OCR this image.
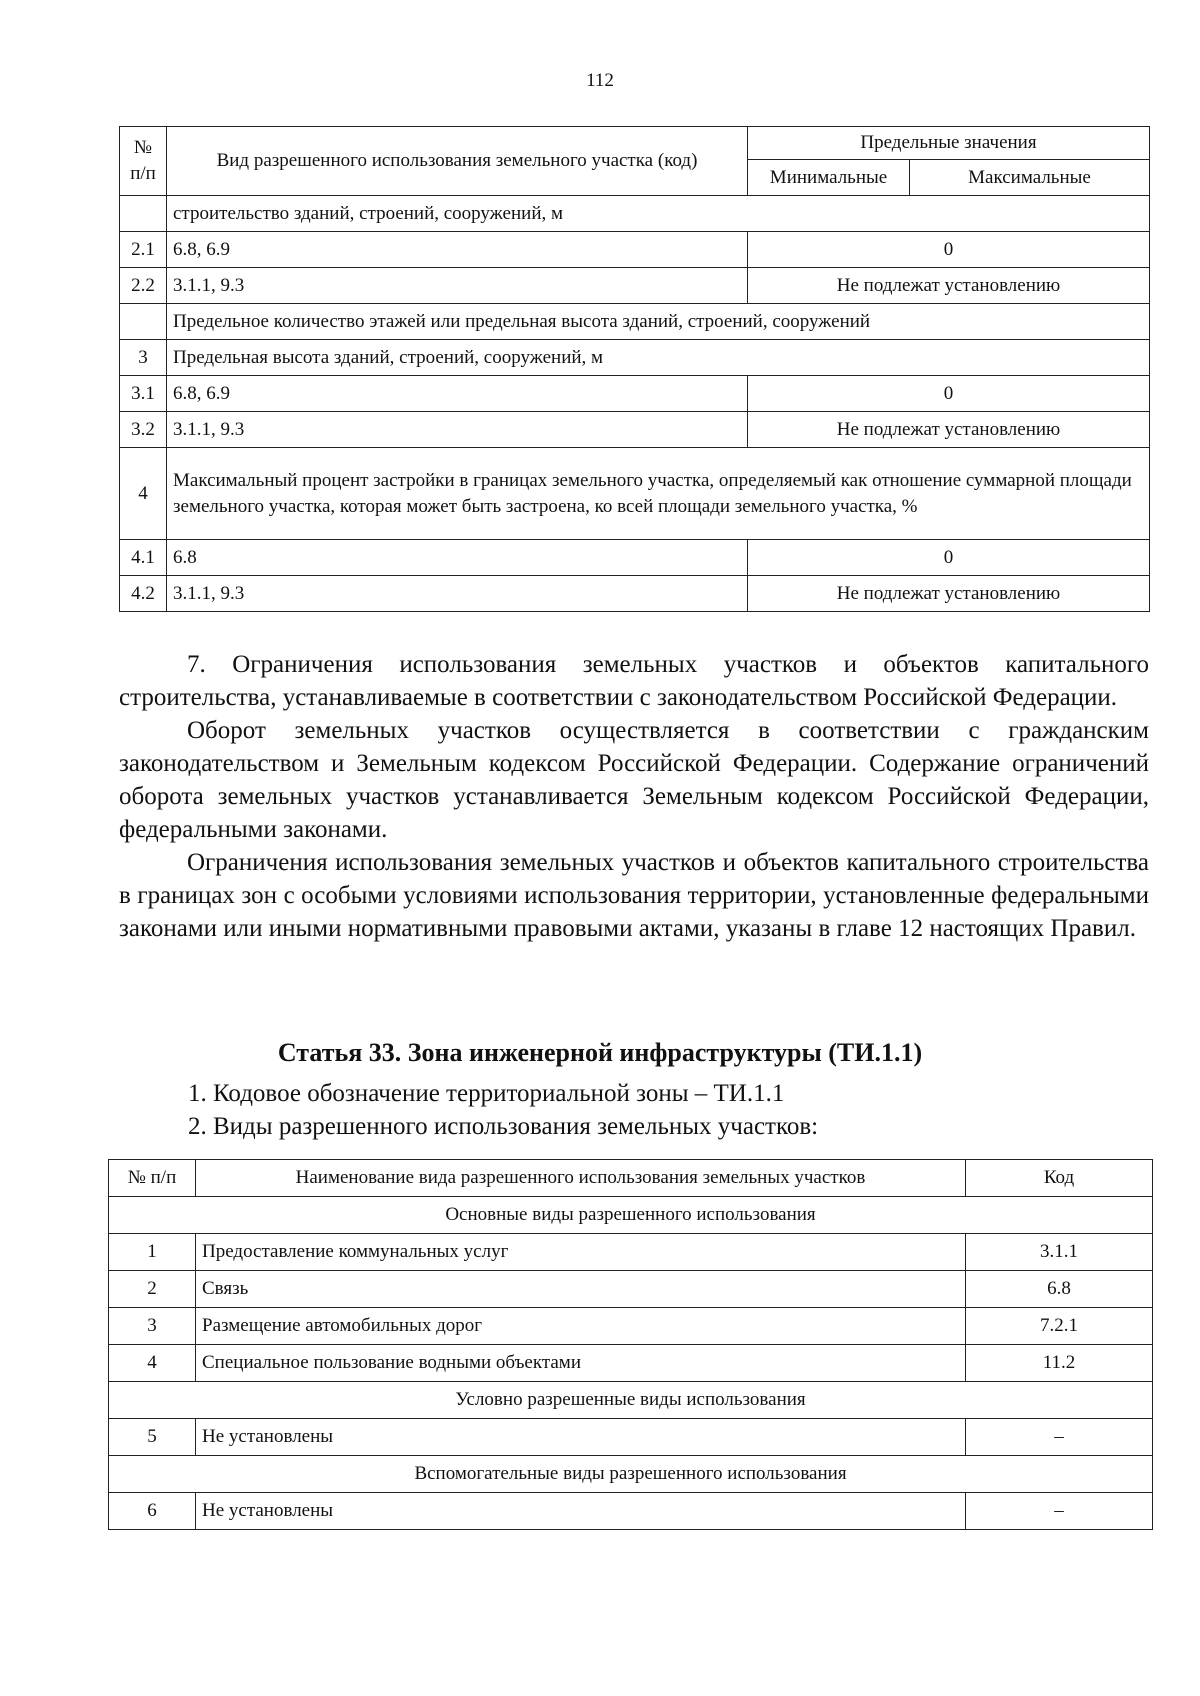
112
№ п/п	Вид разрешенного использования земельного участка (код)	Предельные значения	
		Минимальные	Максимальные
	строительство зданий, строений, сооружений, м		
2.1	6.8, 6.9	0	
2.2	3.1.1, 9.3	Не подлежат установлению	
	Предельное количество этажей или предельная высота зданий, строений, сооружений		
3	Предельная высота зданий, строений, сооружений, м		
3.1	6.8, 6.9	0	
3.2	3.1.1, 9.3	Не подлежат установлению	
4	Максимальный процент застройки в границах земельного участка, определяемый как отношение суммарной площади земельного участка, которая может быть застроена, ко всей площади земельного участка, %		
4.1	6.8	0	
4.2	3.1.1, 9.3	Не подлежат установлению	

7. Ограничения использования земельных участков и объектов капитального строительства, устанавливаемые в соответствии с законодательством Российской Федерации.

Оборот земельных участков осуществляется в соответствии с гражданским законодательством и Земельным кодексом Российской Федерации. Содержание ограничений оборота земельных участков устанавливается Земельным кодексом Российской Федерации, федеральными законами.

Ограничения использования земельных участков и объектов капитального строительства в границах зон с особыми условиями использования территории, установленные федеральными законами или иными нормативными правовыми актами, указаны в главе 12 настоящих Правил.

Статья 33. Зона инженерной инфраструктуры (ТИ.1.1)
1. Кодовое обозначение территориальной зоны – ТИ.1.1
2. Виды разрешенного использования земельных участков:
№ п/п	Наименование вида разрешенного использования земельных участков	Код
Основные виды разрешенного использования		
1	Предоставление коммунальных услуг	3.1.1
2	Связь	6.8
3	Размещение автомобильных дорог	7.2.1
4	Специальное пользование водными объектами	11.2
Условно разрешенные виды использования		
5	Не установлены	–
Вспомогательные виды разрешенного использования		
6	Не установлены	–
